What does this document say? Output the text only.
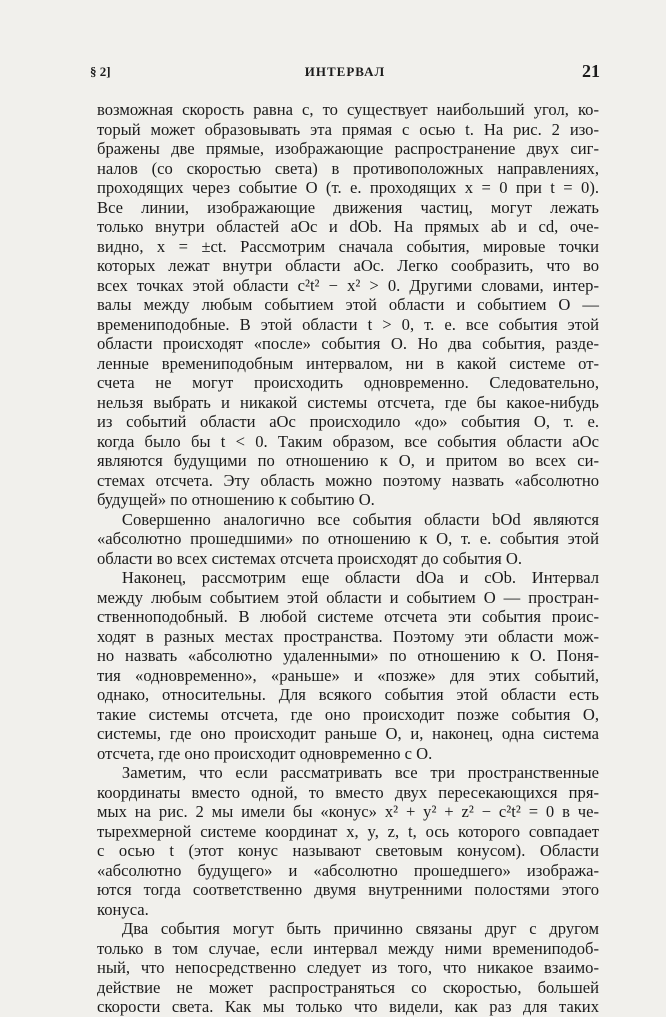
§ 2]	ИНТЕРВАЛ	21

возможная скорость равна c, то существует наибольший угол, ко-

торый может образовывать эта прямая с осью t. На рис. 2 изо-

бражены две прямые, изображающие распространение двух сиг-

налов (со скоростью света) в противоположных направлениях,

проходящих через событие O (т. е. проходящих x = 0 при t = 0).

Все линии, изображающие движения частиц, могут лежать

только внутри областей aOc и dOb. На прямых ab и cd, оче-

видно, x = ±ct. Рассмотрим сначала события, мировые точки

которых лежат внутри области aOc. Легко сообразить, что во

всех точках этой области c²t² − x² > 0. Другими словами, интер-

валы между любым событием этой области и событием O —

времениподобные. В этой области t > 0, т. е. все события этой

области происходят «после» события O. Но два события, разде-

ленные времениподобным интервалом, ни в какой системе от-

счета не могут происходить одновременно. Следовательно,

нельзя выбрать и никакой системы отсчета, где бы какое-нибудь

из событий области aOc происходило «до» события O, т. е.

когда было бы t < 0. Таким образом, все события области aOc

являются будущими по отношению к O, и притом во всех си-

стемах отсчета. Эту область можно поэтому назвать «абсолютно

будущей» по отношению к событию O.

Совершенно аналогично все события области bOd являются

«абсолютно прошедшими» по отношению к O, т. е. события этой

области во всех системах отсчета происходят до события O.

Наконец, рассмотрим еще области dOa и cOb. Интервал

между любым событием этой области и событием O — простран-

ственноподобный. В любой системе отсчета эти события проис-

ходят в разных местах пространства. Поэтому эти области мож-

но назвать «абсолютно удаленными» по отношению к O. Поня-

тия «одновременно», «раньше» и «позже» для этих событий,

однако, относительны. Для всякого события этой области есть

такие системы отсчета, где оно происходит позже события O,

системы, где оно происходит раньше O, и, наконец, одна система

отсчета, где оно происходит одновременно с O.

Заметим, что если рассматривать все три пространственные

координаты вместо одной, то вместо двух пересекающихся пря-

мых на рис. 2 мы имели бы «конус» x² + y² + z² − c²t² = 0 в че-

тырехмерной системе координат x, y, z, t, ось которого совпадает

с осью t (этот конус называют световым конусом). Области

«абсолютно будущего» и «абсолютно прошедшего» изобража-

ются тогда соответственно двумя внутренними полостями этого

конуса.

Два события могут быть причинно связаны друг с другом

только в том случае, если интервал между ними времениподоб-

ный, что непосредственно следует из того, что никакое взаимо-

действие не может распространяться со скоростью, большей

скорости света. Как мы только что видели, как раз для таких
